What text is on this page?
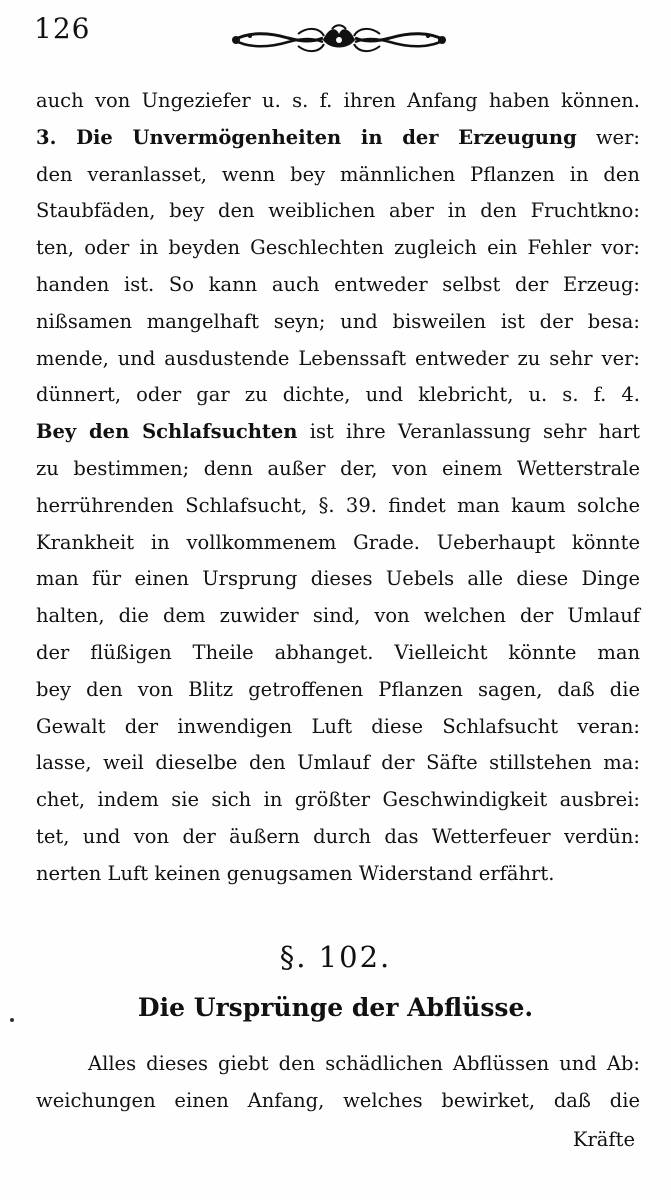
126
auch von Ungeziefer u. s. f. ihren Anfang haben können.
3. Die Unvermögenheiten in der Erzeugung wer:
den veranlasset, wenn bey männlichen Pflanzen in den
Staubfäden, bey den weiblichen aber in den Fruchtkno:
ten, oder in beyden Geschlechten zugleich ein Fehler vor:
handen ist. So kann auch entweder selbst der Erzeug:
nißsamen mangelhaft seyn; und bisweilen ist der besa:
mende, und ausdustende Lebenssaft entweder zu sehr ver:
dünnert, oder gar zu dichte, und klebricht, u. s. f. 4.
Bey den Schlafsuchten ist ihre Veranlassung sehr hart
zu bestimmen; denn außer der, von einem Wetterstrale
herrührenden Schlafsucht, §. 39. findet man kaum solche
Krankheit in vollkommenem Grade. Ueberhaupt könnte
man für einen Ursprung dieses Uebels alle diese Dinge
halten, die dem zuwider sind, von welchen der Umlauf
der flüßigen Theile abhanget. Vielleicht könnte man
bey den von Blitz getroffenen Pflanzen sagen, daß die
Gewalt der inwendigen Luft diese Schlafsucht veran:
lasse, weil dieselbe den Umlauf der Säfte stillstehen ma:
chet, indem sie sich in größter Geschwindigkeit ausbrei:
tet, und von der äußern durch das Wetterfeuer verdün:
nerten Luft keinen genugsamen Widerstand erfährt.
§. 102.
Die Ursprünge der Abflüsse.
Alles dieses giebt den schädlichen Abflüssen und Ab:
weichungen einen Anfang, welches bewirket, daß die
Kräfte
